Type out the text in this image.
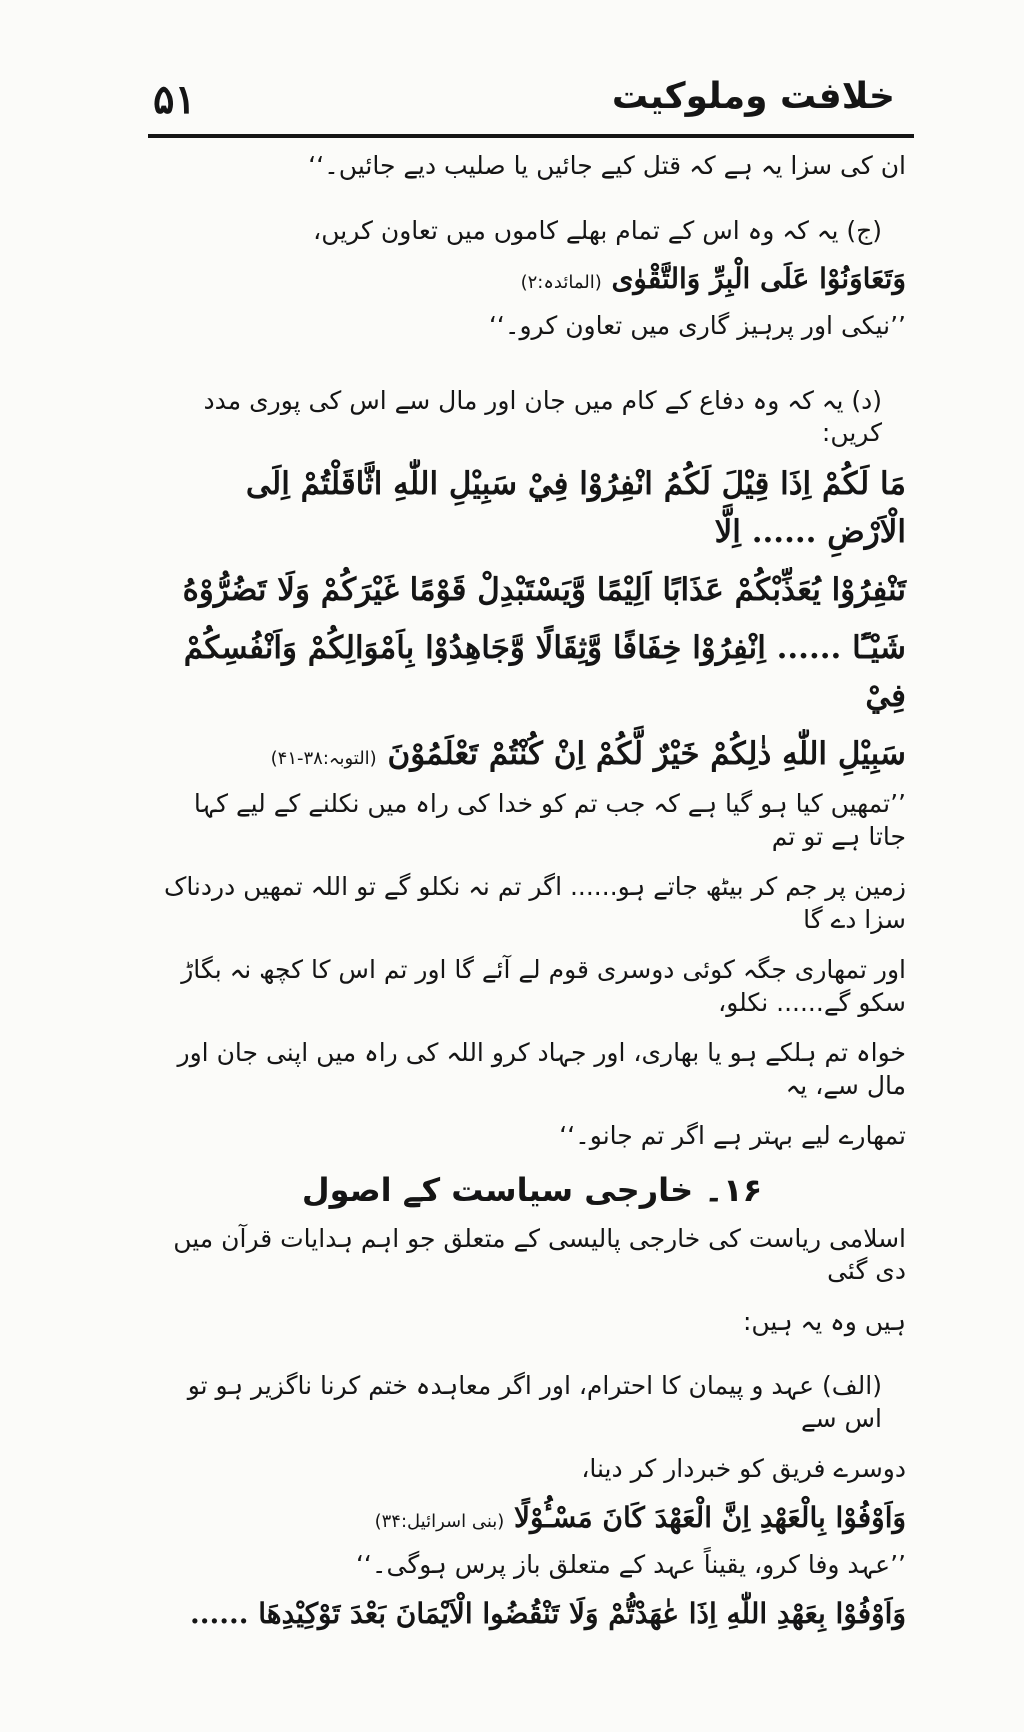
۵۱	خلافت وملوکیت
ان کی سزا یہ ہے کہ قتل کیے جائیں یا صلیب دیے جائیں۔‘‘
(ج) یہ کہ وہ اس کے تمام بھلے کاموں میں تعاون کریں،
وَتَعَاوَنُوْا عَلَى الْبِرِّ وَالتَّقْوٰى (المائدہ:۲)
’’نیکی اور پرہیز گاری میں تعاون کرو۔‘‘
(د) یہ کہ وہ دفاع کے کام میں جان اور مال سے اس کی پوری مدد کریں:
مَا لَكُمْ اِذَا قِيْلَ لَكُمُ انْفِرُوْا فِيْ سَبِيْلِ اللّٰهِ اثَّاقَلْتُمْ اِلَى الْاَرْضِ ...... اِلَّا
تَنْفِرُوْا يُعَذِّبْكُمْ عَذَابًا اَلِيْمًا وَّيَسْتَبْدِلْ قَوْمًا غَيْرَكُمْ وَلَا تَضُرُّوْهُ
شَيْـًٔا ...... اِنْفِرُوْا خِفَافًا وَّثِقَالًا وَّجَاهِدُوْا بِاَمْوَالِكُمْ وَاَنْفُسِكُمْ فِيْ
سَبِيْلِ اللّٰهِ ذٰلِكُمْ خَيْرٌ لَّكُمْ اِنْ كُنْتُمْ تَعْلَمُوْنَ (التوبہ:۳۸-۴۱)
’’تمھیں کیا ہو گیا ہے کہ جب تم کو خدا کی راہ میں نکلنے کے لیے کہا جاتا ہے تو تم
زمین پر جم کر بیٹھ جاتے ہو...... اگر تم نہ نکلو گے تو اللہ تمھیں دردناک سزا دے گا
اور تمھاری جگہ کوئی دوسری قوم لے آئے گا اور تم اس کا کچھ نہ بگاڑ سکو گے...... نکلو،
خواہ تم ہلکے ہو یا بھاری، اور جہاد کرو اللہ کی راہ میں اپنی جان اور مال سے، یہ
تمھارے لیے بہتر ہے اگر تم جانو۔‘‘
۱۶۔ خارجی سیاست کے اصول
اسلامی ریاست کی خارجی پالیسی کے متعلق جو اہم ہدایات قرآن میں دی گئی
ہیں وہ یہ ہیں:
(الف) عہد و پیمان کا احترام، اور اگر معاہدہ ختم کرنا ناگزیر ہو تو اس سے
دوسرے فریق کو خبردار کر دینا،
وَاَوْفُوْا بِالْعَهْدِ اِنَّ الْعَهْدَ كَانَ مَسْـُٔوْلًا (بنی اسرائیل:۳۴)
’’عہد وفا کرو، یقیناً عہد کے متعلق باز پرس ہوگی۔‘‘
وَاَوْفُوْا بِعَهْدِ اللّٰهِ اِذَا عٰهَدْتُّمْ وَلَا تَنْقُضُوا الْاَيْمَانَ بَعْدَ تَوْكِيْدِهَا ......
